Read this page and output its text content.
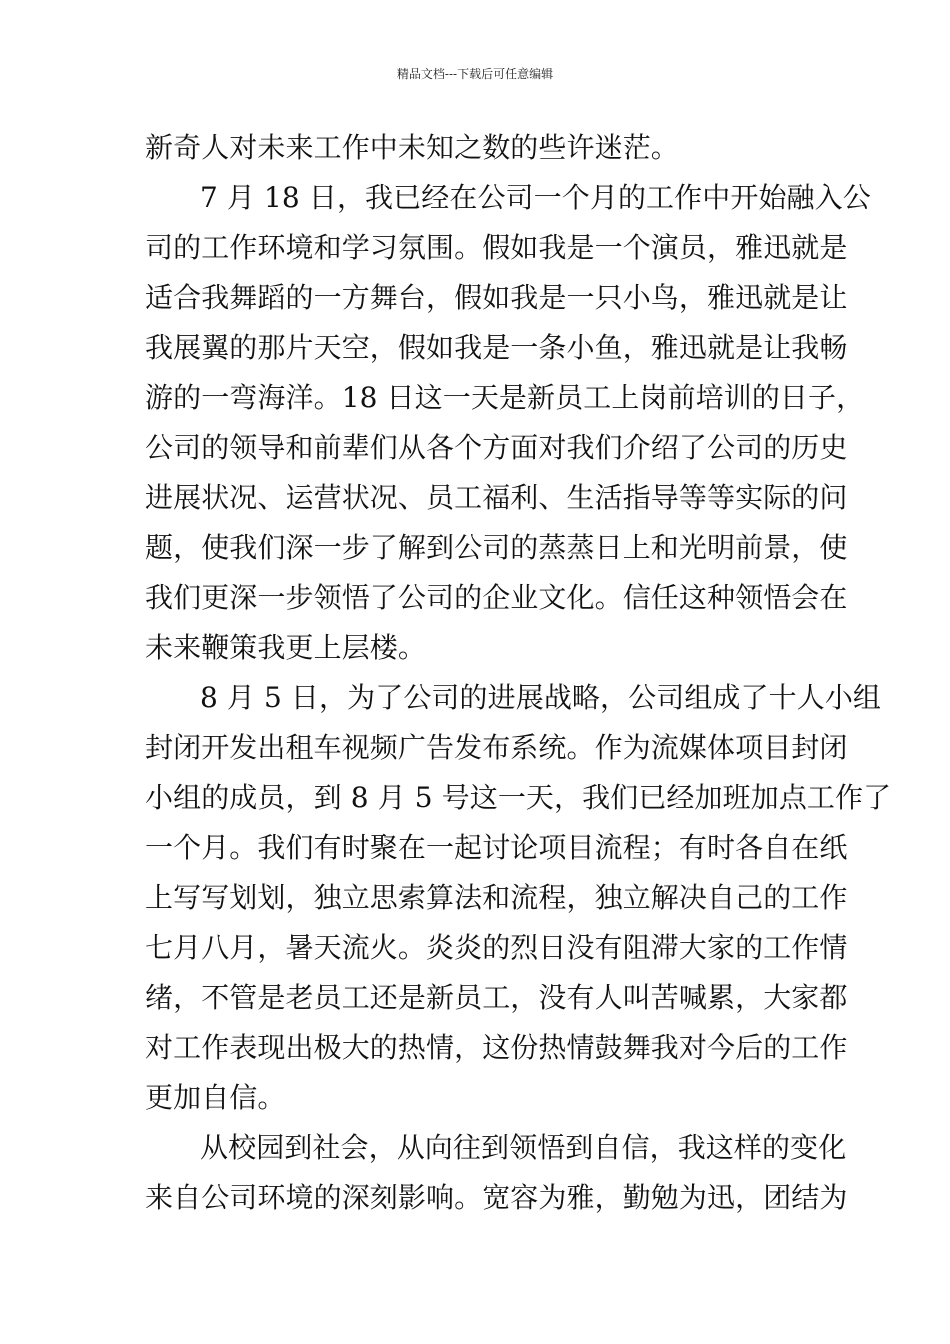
精品文档---下载后可任意编辑
新奇人对未来工作中未知之数的些许迷茫。
7 月 18 日，我已经在公司一个月的工作中开始融入公
司的工作环境和学习氛围。假如我是一个演员，雅迅就是
适合我舞蹈的一方舞台，假如我是一只小鸟，雅迅就是让
我展翼的那片天空，假如我是一条小鱼，雅迅就是让我畅
游的一弯海洋。18 日这一天是新员工上岗前培训的日子，
公司的领导和前辈们从各个方面对我们介绍了公司的历史
进展状况、运营状况、员工福利、生活指导等等实际的问
题，使我们深一步了解到公司的蒸蒸日上和光明前景，使
我们更深一步领悟了公司的企业文化。信任这种领悟会在
未来鞭策我更上层楼。
8 月 5 日，为了公司的进展战略，公司组成了十人小组
封闭开发出租车视频广告发布系统。作为流媒体项目封闭
小组的成员，到 8 月 5 号这一天，我们已经加班加点工作了
一个月。我们有时聚在一起讨论项目流程；有时各自在纸
上写写划划，独立思索算法和流程，独立解决自己的工作
七月八月，暑天流火。炎炎的烈日没有阻滞大家的工作情
绪，不管是老员工还是新员工，没有人叫苦喊累，大家都
对工作表现出极大的热情，这份热情鼓舞我对今后的工作
更加自信。
从校园到社会，从向往到领悟到自信，我这样的变化
来自公司环境的深刻影响。宽容为雅，勤勉为迅，团结为
